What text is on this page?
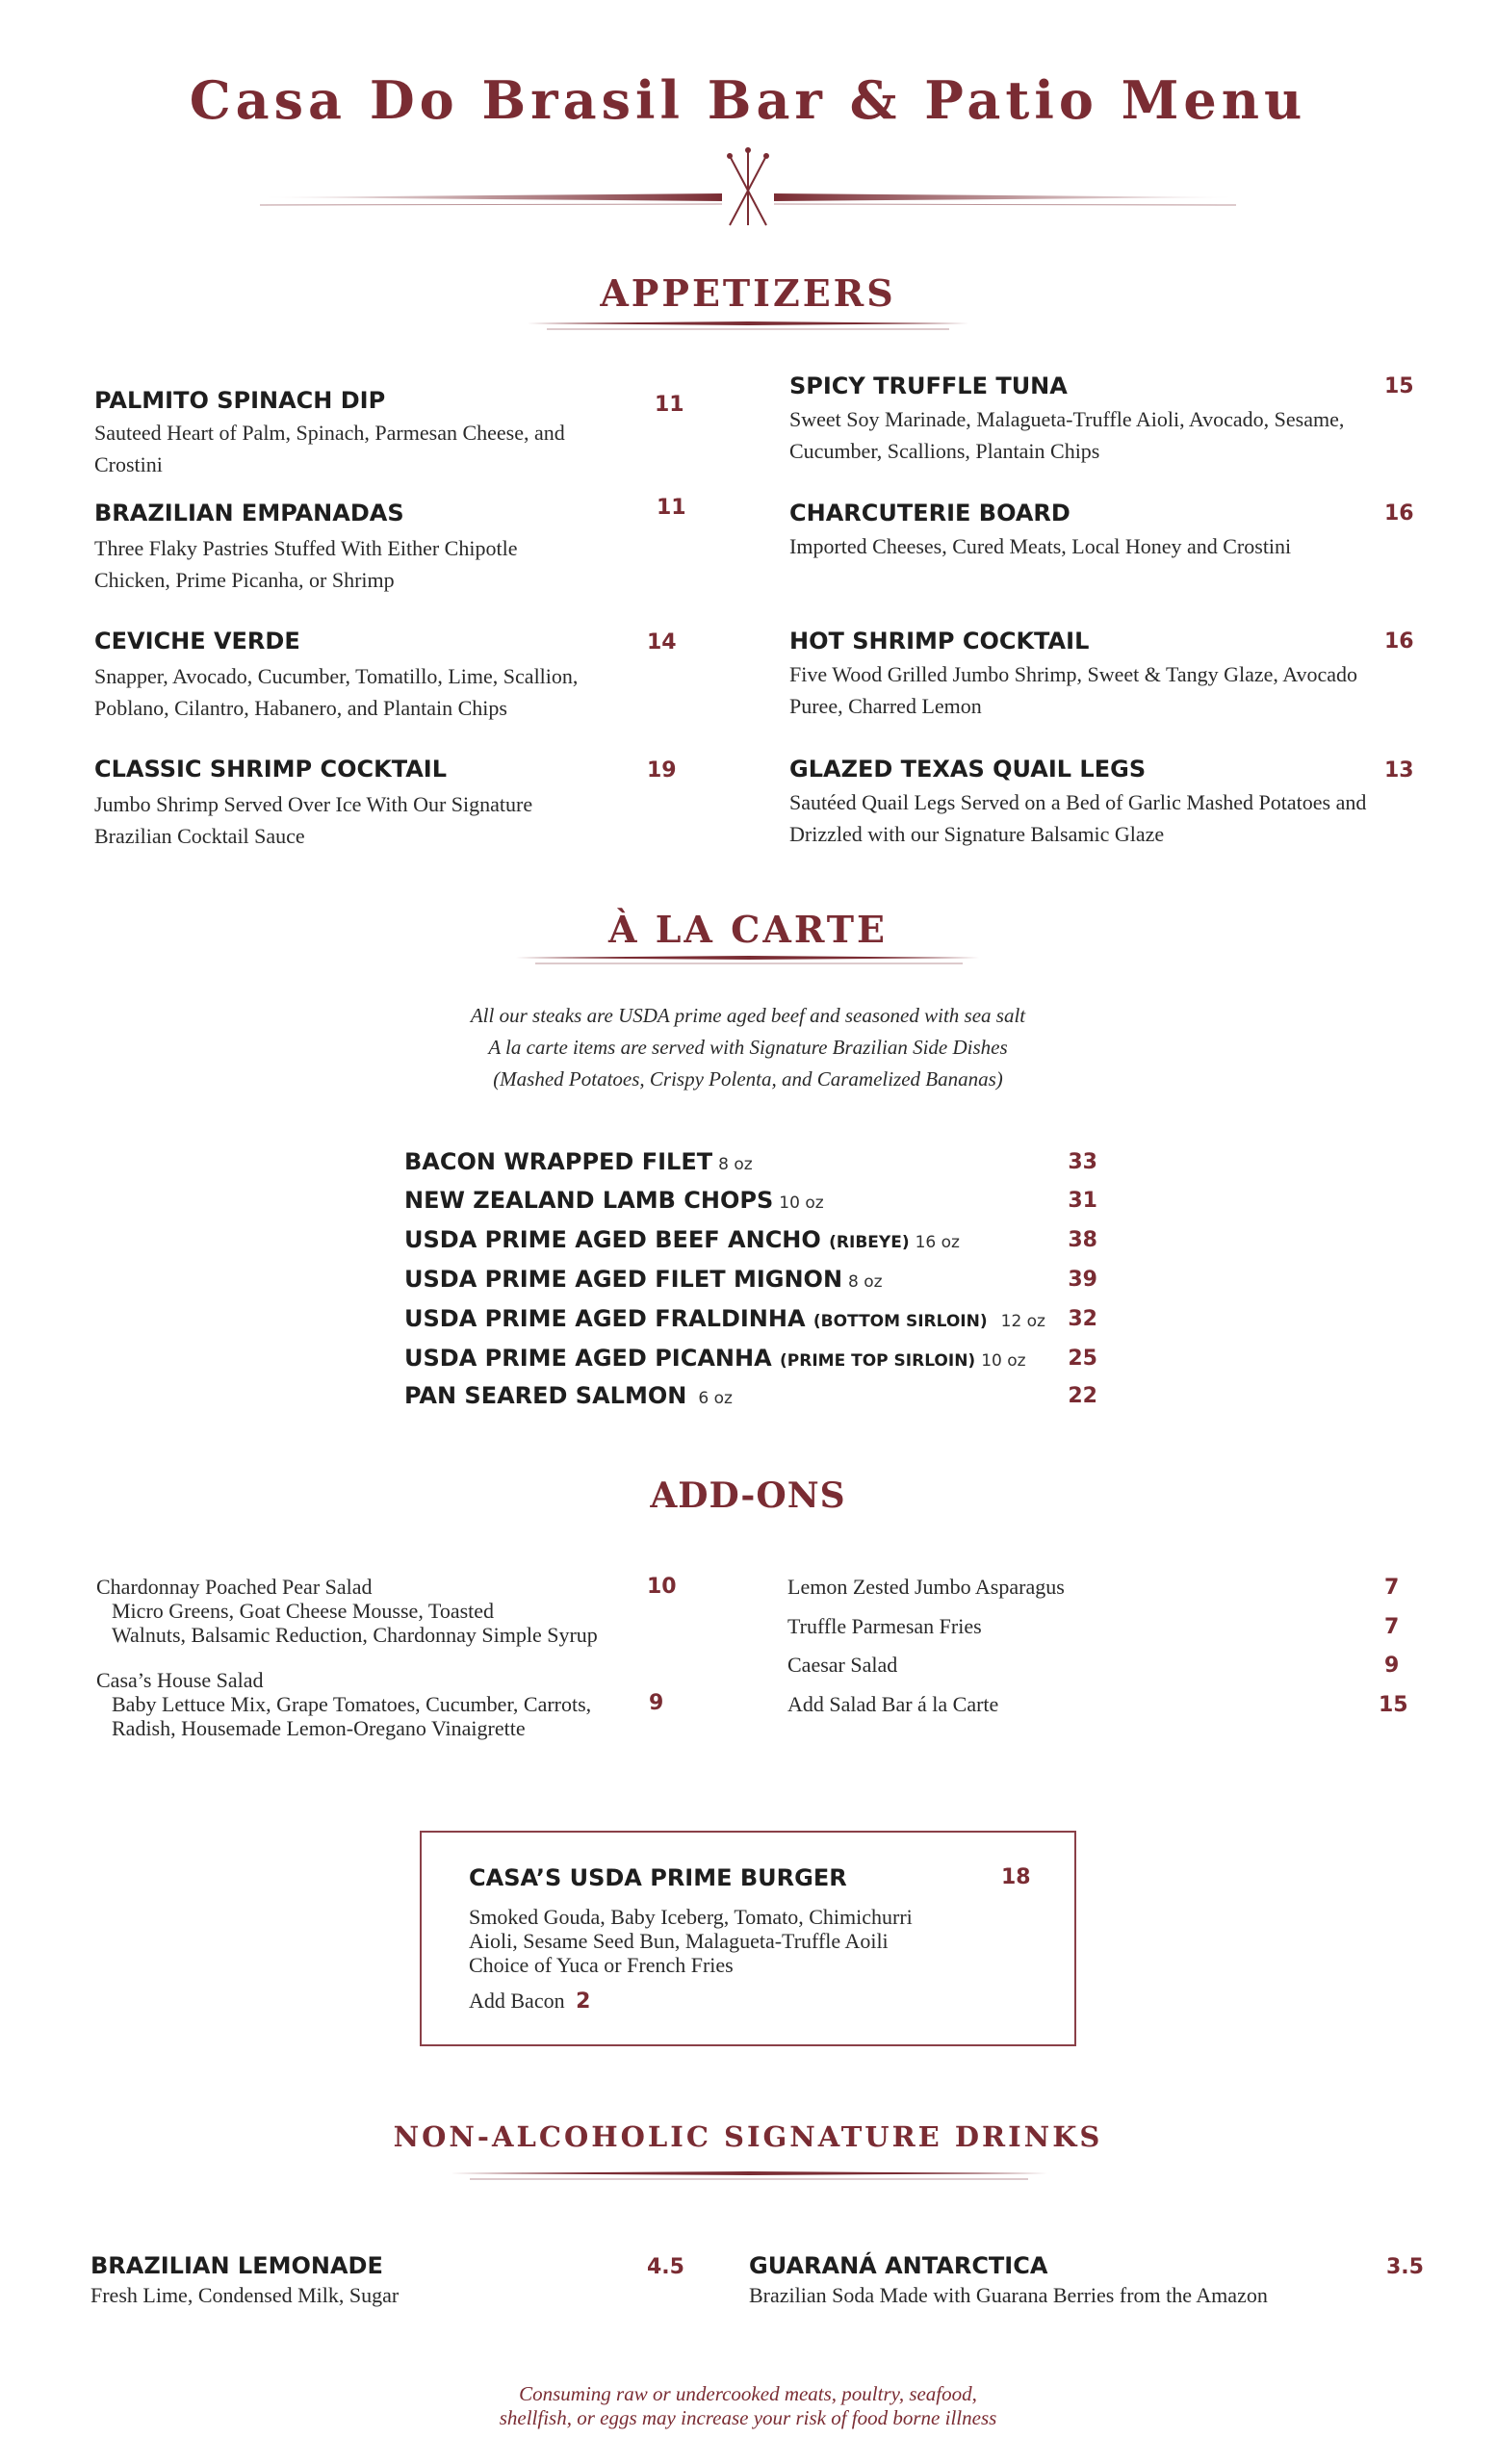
Casa Do Brasil Bar & Patio Menu
APPETIZERS
PALMITO SPINACH DIP	11
Sauteed Heart of Palm, Spinach, Parmesan Cheese, and Crostini
BRAZILIAN EMPANADAS	11
Three Flaky Pastries Stuffed With Either Chipotle Chicken, Prime Picanha, or Shrimp
CEVICHE VERDE	14
Snapper, Avocado, Cucumber, Tomatillo, Lime, Scallion, Poblano, Cilantro, Habanero, and Plantain Chips
CLASSIC SHRIMP COCKTAIL	19
Jumbo Shrimp Served Over Ice With Our Signature Brazilian Cocktail Sauce
SPICY TRUFFLE TUNA	15
Sweet Soy Marinade, Malagueta-Truffle Aioli, Avocado, Sesame, Cucumber, Scallions, Plantain Chips
CHARCUTERIE BOARD	16
Imported Cheeses, Cured Meats, Local Honey and Crostini
HOT SHRIMP COCKTAIL	16
Five Wood Grilled Jumbo Shrimp, Sweet & Tangy Glaze, Avocado Puree, Charred Lemon
GLAZED TEXAS QUAIL LEGS	13
Sautéed Quail Legs Served on a Bed of Garlic Mashed Potatoes and Drizzled with our Signature Balsamic Glaze
À LA CARTE
All our steaks are USDA prime aged beef and seasoned with sea salt
A la carte items are served with Signature Brazilian Side Dishes
(Mashed Potatoes, Crispy Polenta, and Caramelized Bananas)
BACON WRAPPED FILET 8 oz	33
NEW ZEALAND LAMB CHOPS 10 oz	31
USDA PRIME AGED BEEF ANCHO (RIBEYE) 16 oz	38
USDA PRIME AGED FILET MIGNON 8 oz	39
USDA PRIME AGED FRALDINHA (BOTTOM SIRLOIN) 12 oz 32
USDA PRIME AGED PICANHA (PRIME TOP SIRLOIN) 10 oz 25
PAN SEARED SALMON 6 oz	22
ADD-ONS
Chardonnay Poached Pear Salad
Micro Greens, Goat Cheese Mousse, Toasted
Walnuts, Balsamic Reduction, Chardonnay Simple Syrup
10
Casa’s House Salad
Baby Lettuce Mix, Grape Tomatoes, Cucumber, Carrots,
Radish, Housemade Lemon-Oregano Vinaigrette
9
Lemon Zested Jumbo Asparagus	7
Truffle Parmesan Fries	7
Caesar Salad	9
Add Salad Bar á la Carte	15
CASA’S USDA PRIME BURGER	18
Smoked Gouda, Baby Iceberg, Tomato, Chimichurri
Aioli, Sesame Seed Bun, Malagueta-Truffle Aoili
Choice of Yuca or French Fries
Add Bacon 2
NON-ALCOHOLIC SIGNATURE DRINKS
BRAZILIAN LEMONADE	4.5
Fresh Lime, Condensed Milk, Sugar
GUARANÁ ANTARCTICA	3.5
Brazilian Soda Made with Guarana Berries from the Amazon
Consuming raw or undercooked meats, poultry, seafood,
shellfish, or eggs may increase your risk of food borne illness
